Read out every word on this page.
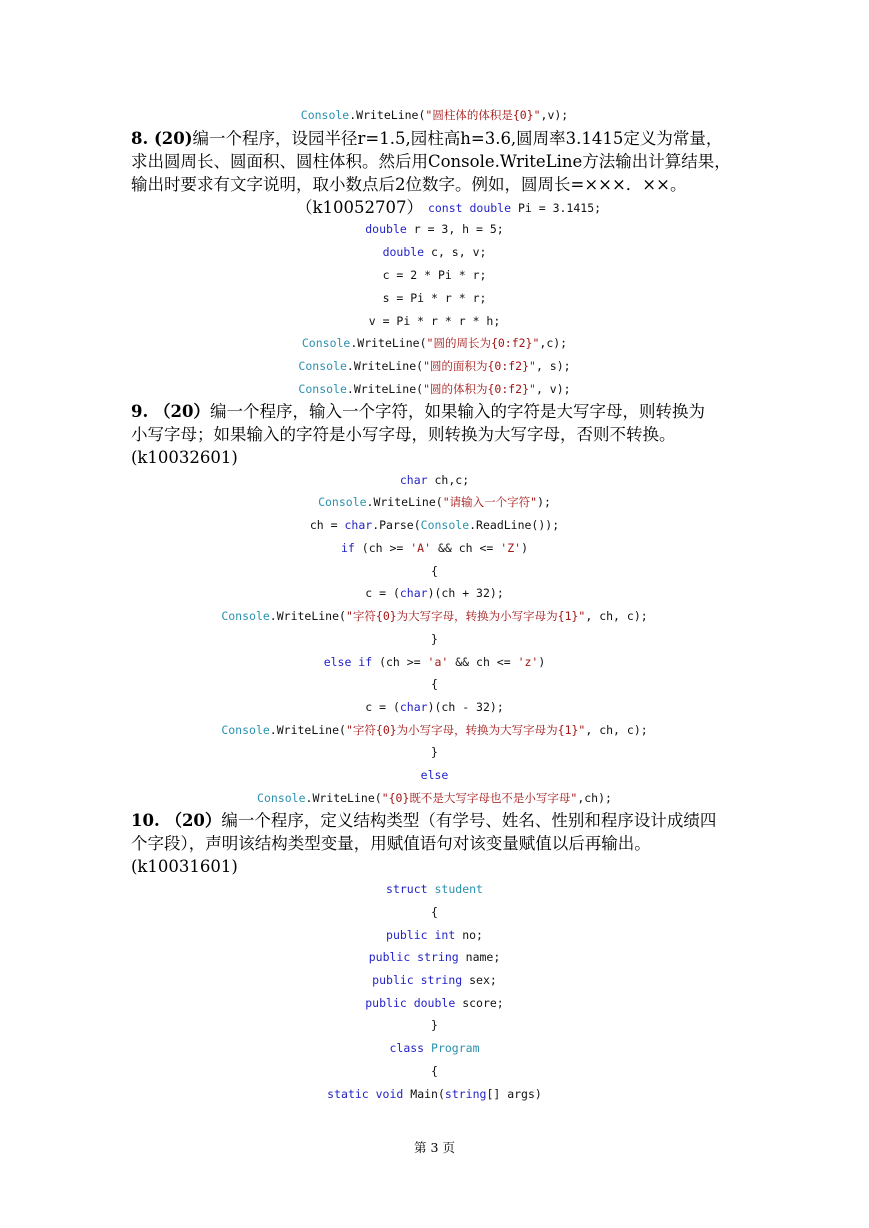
Console.WriteLine("圆柱体的体积是{0}",v);
8. (20)编一个程序，设园半径r=1.5,园柱高h=3.6,圆周率3.1415定义为常量，
求出圆周长、圆面积、圆柱体积。然后用Console.WriteLine方法输出计算结果，
输出时要求有文字说明，取小数点后2位数字。例如，圆周长=×××．××。
（k10052707） const double Pi = 3.1415;
double r = 3, h = 5;
double c, s, v;
c = 2 * Pi * r;
s = Pi * r * r;
v = Pi * r * r * h;
Console.WriteLine("圆的周长为{0:f2}",c);
Console.WriteLine("圆的面积为{0:f2}", s);
Console.WriteLine("圆的体积为{0:f2}", v);
9. （20）编一个程序，输入一个字符，如果输入的字符是大写字母，则转换为
小写字母；如果输入的字符是小写字母，则转换为大写字母，否则不转换。
(k10032601)
char ch,c;
Console.WriteLine("请输入一个字符");
ch = char.Parse(Console.ReadLine());
if (ch >= 'A' && ch <= 'Z')
{
c = (char)(ch + 32);
Console.WriteLine("字符{0}为大写字母，转换为小写字母为{1}", ch, c);
}
else if (ch >= 'a' && ch <= 'z')
{
c = (char)(ch - 32);
Console.WriteLine("字符{0}为小写字母，转换为大写字母为{1}", ch, c);
}
else
Console.WriteLine("{0}既不是大写字母也不是小写字母",ch);
10. （20）编一个程序，定义结构类型（有学号、姓名、性别和程序设计成绩四
个字段），声明该结构类型变量，用赋值语句对该变量赋值以后再输出。
(k10031601)
struct student
{
public int no;
public string name;
public string sex;
public double score;
}
class Program
{
static void Main(string[] args)
第 3 页
